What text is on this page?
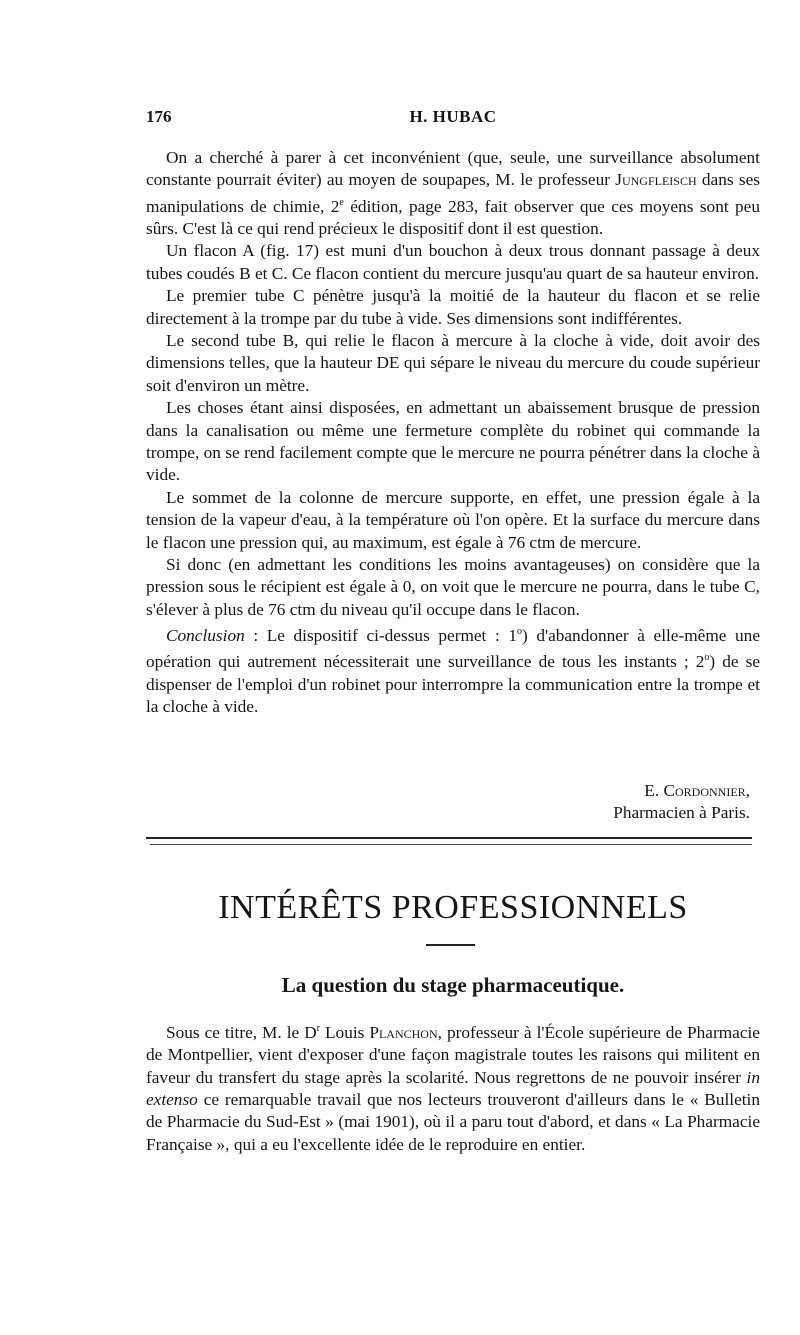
176	H. HUBAC

On a cherché à parer à cet inconvénient (que, seule, une surveillance absolument constante pourrait éviter) au moyen de soupapes, M. le professeur Jungfleisch dans ses manipulations de chimie, 2e édition, page 283, fait observer que ces moyens sont peu sûrs. C'est là ce qui rend précieux le dispositif dont il est question.

Un flacon A (fig. 17) est muni d'un bouchon à deux trous donnant passage à deux tubes coudés B et C. Ce flacon contient du mercure jusqu'au quart de sa hauteur environ.

Le premier tube C pénètre jusqu'à la moitié de la hauteur du flacon et se relie directement à la trompe par du tube à vide. Ses dimensions sont indifférentes.

Le second tube B, qui relie le flacon à mercure à la cloche à vide, doit avoir des dimensions telles, que la hauteur DE qui sépare le niveau du mercure du coude supérieur soit d'environ un mètre.

Les choses étant ainsi disposées, en admettant un abaissement brusque de pression dans la canalisation ou même une fermeture complète du robinet qui commande la trompe, on se rend facilement compte que le mercure ne pourra pénétrer dans la cloche à vide.

Le sommet de la colonne de mercure supporte, en effet, une pression égale à la tension de la vapeur d'eau, à la température où l'on opère. Et la surface du mercure dans le flacon une pression qui, au maximum, est égale à 76 ctm de mercure.

Si donc (en admettant les conditions les moins avantageuses) on considère que la pression sous le récipient est égale à 0, on voit que le mercure ne pourra, dans le tube C, s'élever à plus de 76 ctm du niveau qu'il occupe dans le flacon.

Conclusion : Le dispositif ci-dessus permet : 1$^o$) d'abandonner à elle-même une opération qui autrement nécessiterait une surveillance de tous les instants ; 2$^o$) de se dispenser de l'emploi d'un robinet pour interrompre la communication entre la trompe et la cloche à vide.

E. Cordonnier,
Pharmacien à Paris.
INTÉRÊTS PROFESSIONNELS
La question du stage pharmaceutique.

Sous ce titre, M. le $D^r$ Louis Planchon, professeur à l'École supérieure de Pharmacie de Montpellier, vient d'exposer d'une façon magistrale toutes les raisons qui militent en faveur du transfert du stage après la scolarité. Nous regrettons de ne pouvoir insérer in extenso ce remarquable travail que nos lecteurs trouveront d'ailleurs dans le « Bulletin de Pharmacie du Sud-Est » (mai 1901), où il a paru tout d'abord, et dans « La Pharmacie Française », qui a eu l'excellente idée de le reproduire en entier.
